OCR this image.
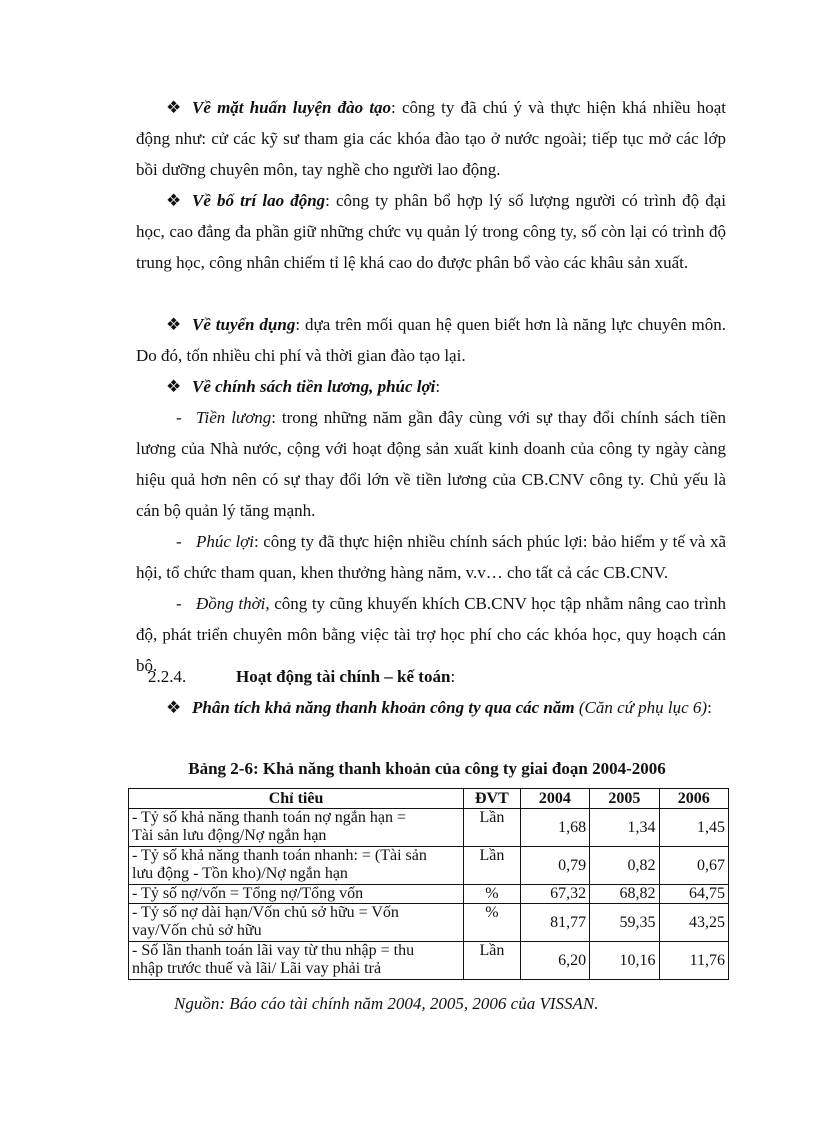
❖ Về mặt huấn luyện đào tạo: công ty đã chú ý và thực hiện khá nhiều hoạt động như: cử các kỹ sư tham gia các khóa đào tạo ở nước ngoài; tiếp tục mở các lớp bồi dưỡng chuyên môn, tay nghề cho người lao động.

❖ Về bố trí lao động: công ty phân bổ hợp lý số lượng người có trình độ đại học, cao đẳng đa phần giữ những chức vụ quản lý trong công ty, số còn lại có trình độ trung học, công nhân chiếm tỉ lệ khá cao do được phân bổ vào các khâu sản xuất.

❖ Về tuyển dụng: dựa trên mối quan hệ quen biết hơn là năng lực chuyên môn. Do đó, tốn nhiều chi phí và thời gian đào tạo lại.

❖ Về chính sách tiền lương, phúc lợi:

- Tiền lương: trong những năm gần đây cùng với sự thay đổi chính sách tiền lương của Nhà nước, cộng với hoạt động sản xuất kinh doanh của công ty ngày càng hiệu quả hơn nên có sự thay đổi lớn về tiền lương của CB.CNV công ty. Chủ yếu là cán bộ quản lý tăng mạnh.

- Phúc lợi: công ty đã thực hiện nhiều chính sách phúc lợi: bảo hiểm y tế và xã hội, tổ chức tham quan, khen thưởng hàng năm, v.v… cho tất cả các CB.CNV.

- Đồng thời, công ty cũng khuyến khích CB.CNV học tập nhằm nâng cao trình độ, phát triển chuyên môn bằng việc tài trợ học phí cho các khóa học, quy hoạch cán bộ.

2.2.4.	Hoạt động tài chính – kế toán:

❖ Phân tích khả năng thanh khoản công ty qua các năm (Căn cứ phụ lục 6):

Bảng 2-6: Khả năng thanh khoản của công ty giai đoạn 2004-2006
Chỉ tiêu	ĐVT	2004	2005	2006
- Tỷ số khả năng thanh toán nợ ngắn hạn =
Tài sản lưu động/Nợ ngắn hạn	Lần	1,68	1,34	1,45
- Tỷ số khả năng thanh toán nhanh: = (Tài sản
lưu động - Tồn kho)/Nợ ngắn hạn	Lần	0,79	0,82	0,67
- Tỷ số nợ/vốn = Tổng nợ/Tổng vốn	%	67,32	68,82	64,75
- Tỷ số nợ dài hạn/Vốn chủ sở hữu = Vốn
vay/Vốn chủ sở hữu	%	81,77	59,35	43,25
- Số lần thanh toán lãi vay từ thu nhập = thu
nhập trước thuế và lãi/ Lãi vay phải trả	Lần	6,20	10,16	11,76
Nguồn: Báo cáo tài chính năm 2004, 2005, 2006 của VISSAN.
